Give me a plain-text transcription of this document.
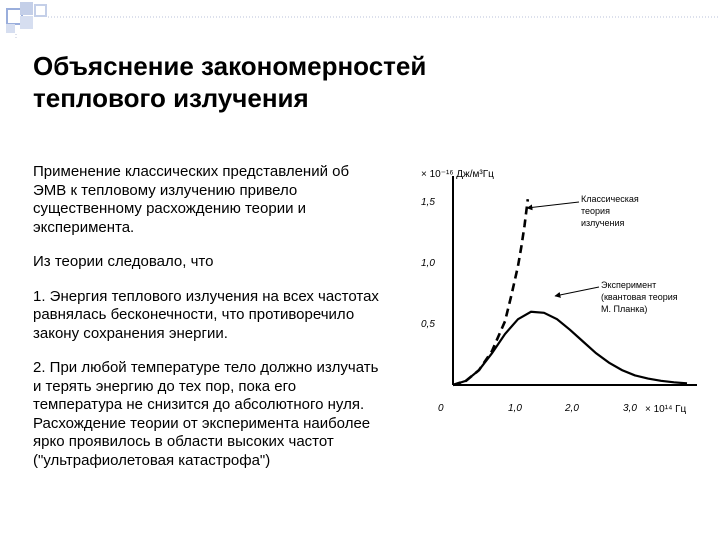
Объяснение закономерностей
теплового излучения

Применение классических представлений об

ЭМВ к тепловому излучению привело

существенному расхождению теории и

эксперимента.

Из теории следовало, что

1. Энергия теплового излучения на всех частотах

равнялась бесконечности, что противоречило

закону сохранения энергии.

2. При любой температуре тело должно излучать

и терять энергию до тех пор, пока его

температура не снизится до абсолютного нуля.

Расхождение теории от эксперимента наиболее

ярко проявилось в области высоких частот

("ультрафиолетовая катастрофа")

× 10⁻¹⁶ Дж/м³Гц
× 10¹⁴ Гц
1,5
1,0
0,5
0	1,0	2,0	3,0
Классическая теория излучения
Эксперимент (квантовая теория М. Планка)
